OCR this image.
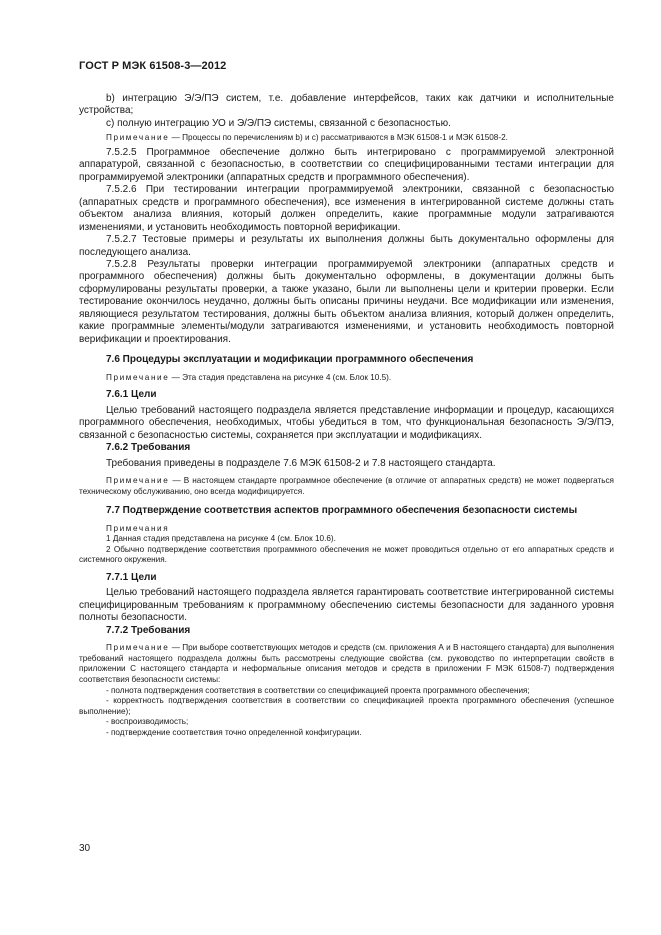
ГОСТ Р МЭК 61508-3—2012

b) интеграцию Э/Э/ПЭ систем, т.е. добавление интерфейсов, таких как датчики и исполнительные устройства;

с) полную интеграцию УО и Э/Э/ПЭ системы, связанной с безопасностью.

Примечание — Процессы по перечислениям b) и с) рассматриваются в МЭК 61508-1 и МЭК 61508-2.

7.5.2.5 Программное обеспечение должно быть интегрировано с программируемой электронной аппаратурой, связанной с безопасностью, в соответствии со специфицированными тестами интеграции для программируемой электроники (аппаратных средств и программного обеспечения).

7.5.2.6 При тестировании интеграции программируемой электроники, связанной с безопасностью (аппаратных средств и программного обеспечения), все изменения в интегрированной системе должны стать объектом анализа влияния, который должен определить, какие программные модули затрагиваются изменениями, и установить необходимость повторной верификации.

7.5.2.7 Тестовые примеры и результаты их выполнения должны быть документально оформлены для последующего анализа.

7.5.2.8 Результаты проверки интеграции программируемой электроники (аппаратных средств и программного обеспечения) должны быть документально оформлены, в документации должны быть сформулированы результаты проверки, а также указано, были ли выполнены цели и критерии проверки. Если тестирование окончилось неудачно, должны быть описаны причины неудачи. Все модификации или изменения, являющиеся результатом тестирования, должны быть объектом анализа влияния, который должен определить, какие программные элементы/модули затрагиваются изменениями, и установить необходимость повторной верификации и проектирования.

7.6 Процедуры эксплуатации и модификации программного обеспечения

Примечание — Эта стадия представлена на рисунке 4 (см. Блок 10.5).

7.6.1 Цели

Целью требований настоящего подраздела является представление информации и процедур, касающихся программного обеспечения, необходимых, чтобы убедиться в том, что функциональная безопасность Э/Э/ПЭ, связанной с безопасностью системы, сохраняется при эксплуатации и модификациях.

7.6.2 Требования

Требования приведены в подразделе 7.6 МЭК 61508-2 и 7.8 настоящего стандарта.

Примечание — В настоящем стандарте программное обеспечение (в отличие от аппаратных средств) не может подвергаться техническому обслуживанию, оно всегда модифицируется.

7.7 Подтверждение соответствия аспектов программного обеспечения безопасности системы

Примечания

1 Данная стадия представлена на рисунке 4 (см. Блок 10.6).

2 Обычно подтверждение соответствия программного обеспечения не может проводиться отдельно от его аппаратных средств и системного окружения.

7.7.1 Цели

Целью требований настоящего подраздела является гарантировать соответствие интегрированной системы специфицированным требованиям к программному обеспечению системы безопасности для заданного уровня полноты безопасности.

7.7.2 Требования

Примечание — При выборе соответствующих методов и средств (см. приложения А и В настоящего стандарта) для выполнения требований настоящего подраздела должны быть рассмотрены следующие свойства (см. руководство по интерпретации свойств в приложении С настоящего стандарта и неформальные описания методов и средств в приложении F МЭК 61508-7) подтверждения соответствия безопасности системы:

- полнота подтверждения соответствия в соответствии со спецификацией проекта программного обеспечения;

- корректность подтверждения соответствия в соответствии со спецификацией проекта программного обеспечения (успешное выполнение);

- воспроизводимость;

- подтверждение соответствия точно определенной конфигурации.

30
